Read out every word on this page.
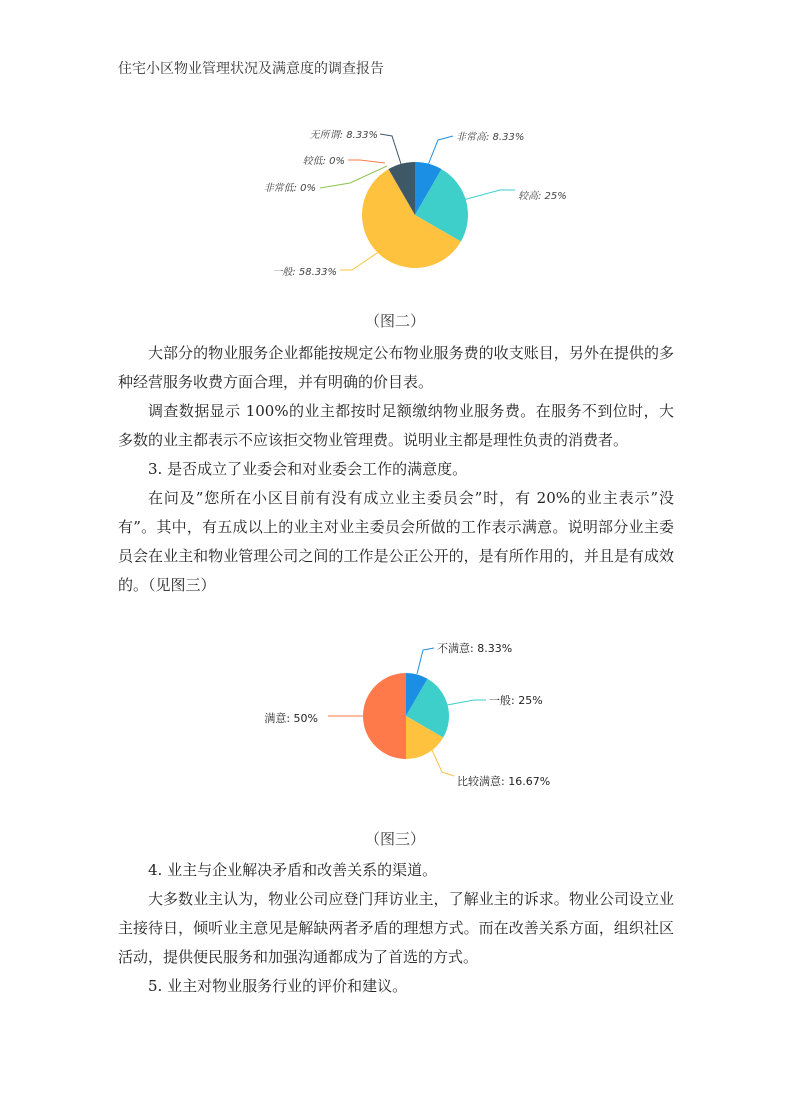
住宅小区物业管理状况及满意度的调查报告
非常高: 8.33%
较高: 25%
一般: 58.33%
非常低: 0%
较低: 0%
无所谓: 8.33%
（图二）

大部分的物业服务企业都能按规定公布物业服务费的收支账目，另外在提供的多种经营服务收费方面合理，并有明确的价目表。

调查数据显示 100%的业主都按时足额缴纳物业服务费。在服务不到位时，大多数的业主都表示不应该拒交物业管理费。说明业主都是理性负责的消费者。

3. 是否成立了业委会和对业委会工作的满意度。

在问及”您所在小区目前有没有成立业主委员会”时，有 20%的业主表示”没有”。其中，有五成以上的业主对业主委员会所做的工作表示满意。说明部分业主委员会在业主和物业管理公司之间的工作是公正公开的，是有所作用的，并且是有成效的。（见图三）

不满意: 8.33%
一般: 25%
比较满意: 16.67%
满意: 50%
（图三）

4. 业主与企业解决矛盾和改善关系的渠道。

大多数业主认为，物业公司应登门拜访业主，了解业主的诉求。物业公司设立业主接待日，倾听业主意见是解缺两者矛盾的理想方式。而在改善关系方面，组织社区活动，提供便民服务和加强沟通都成为了首选的方式。

5. 业主对物业服务行业的评价和建议。
